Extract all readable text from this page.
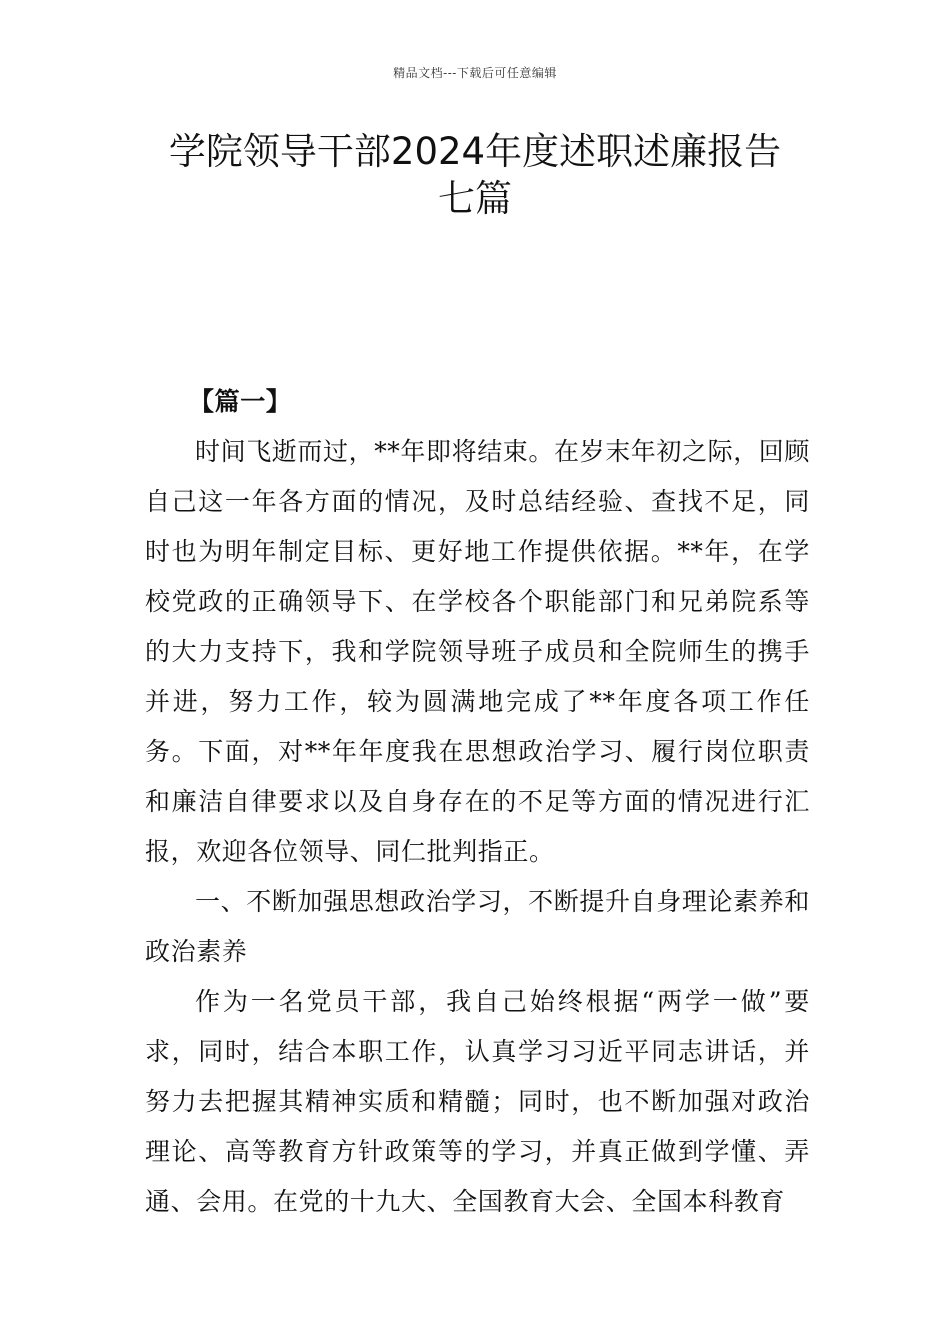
精品文档---下载后可任意编辑
学院领导干部2024年度述职述廉报告
七篇

【篇一】

时间飞逝而过，**年即将结束。在岁末年初之际，回顾自己这一年各方面的情况，及时总结经验、查找不足，同时也为明年制定目标、更好地工作提供依据。**年，在学校党政的正确领导下、在学校各个职能部门和兄弟院系等的大力支持下，我和学院领导班子成员和全院师生的携手并进，努力工作，较为圆满地完成了**年度各项工作任务。下面，对**年年度我在思想政治学习、履行岗位职责和廉洁自律要求以及自身存在的不足等方面的情况进行汇报，欢迎各位领导、同仁批判指正。

一、不断加强思想政治学习，不断提升自身理论素养和政治素养

作为一名党员干部，我自己始终根据“两学一做”要求，同时，结合本职工作，认真学习习近平同志讲话，并努力去把握其精神实质和精髓；同时，也不断加强对政治理论、高等教育方针政策等的学习，并真正做到学懂、弄通、会用。在党的十九大、全国教育大会、全国本科教育
